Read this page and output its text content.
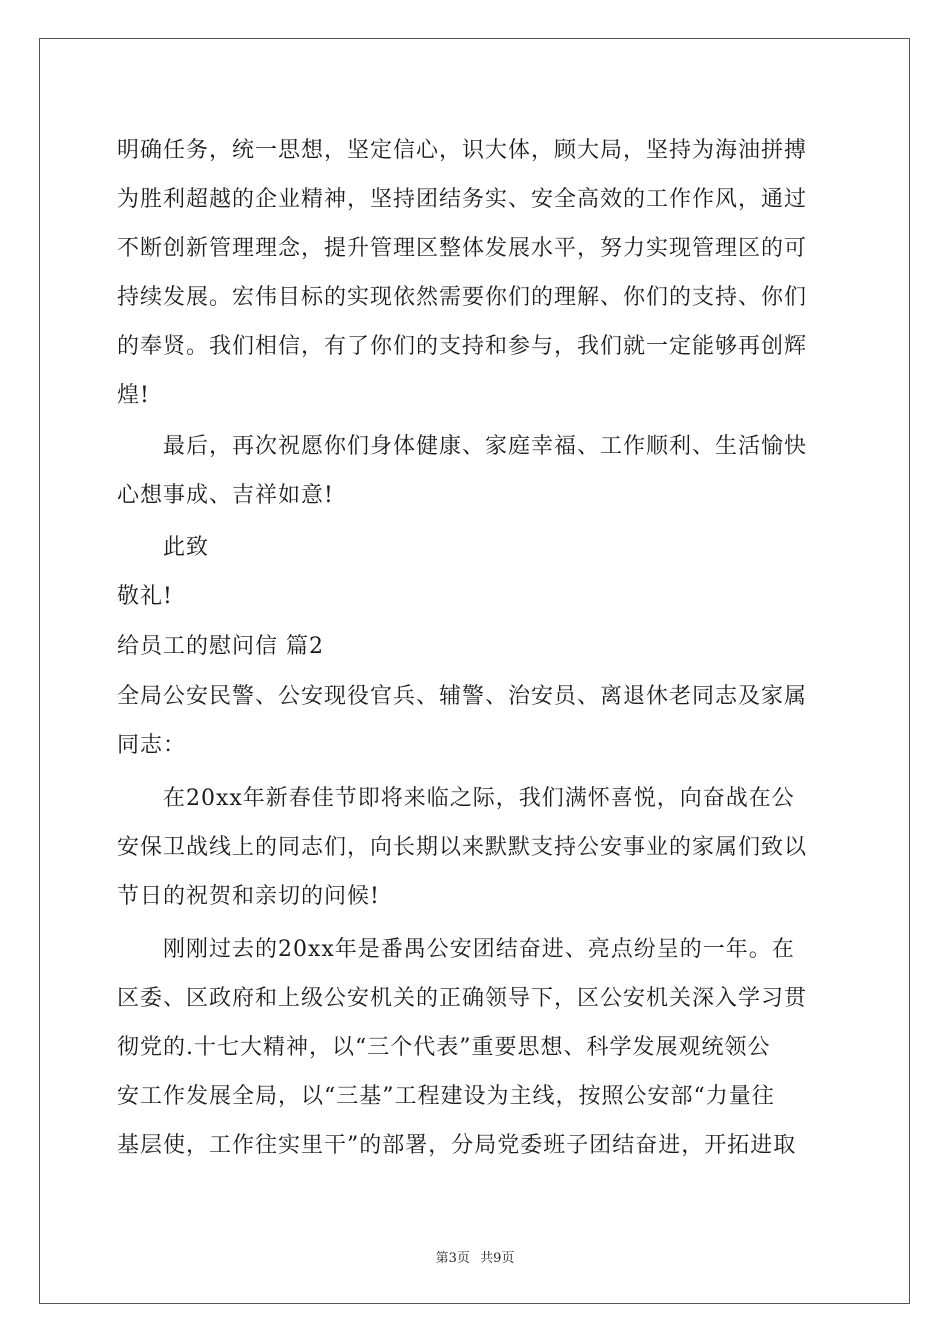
明确任务，统一思想，坚定信心，识大体，顾大局，坚持为海油拼搏
为胜利超越的企业精神，坚持团结务实、安全高效的工作作风，通过
不断创新管理理念，提升管理区整体发展水平，努力实现管理区的可
持续发展。宏伟目标的实现依然需要你们的理解、你们的支持、你们
的奉贤。我们相信，有了你们的支持和参与，我们就一定能够再创辉
煌!
最后，再次祝愿你们身体健康、家庭幸福、工作顺利、生活愉快
心想事成、吉祥如意!
此致
敬礼!
给员工的慰问信 篇2
全局公安民警、公安现役官兵、辅警、治安员、离退休老同志及家属
同志：
在20xx年新春佳节即将来临之际，我们满怀喜悦，向奋战在公
安保卫战线上的同志们，向长期以来默默支持公安事业的家属们致以
节日的祝贺和亲切的问候!
刚刚过去的20xx年是番禺公安团结奋进、亮点纷呈的一年。在
区委、区政府和上级公安机关的正确领导下，区公安机关深入学习贯
彻党的.十七大精神，以“三个代表”重要思想、科学发展观统领公
安工作发展全局，以“三基”工程建设为主线，按照公安部“力量往
基层使，工作往实里干”的部署，分局党委班子团结奋进，开拓进取
第3页 共9页
